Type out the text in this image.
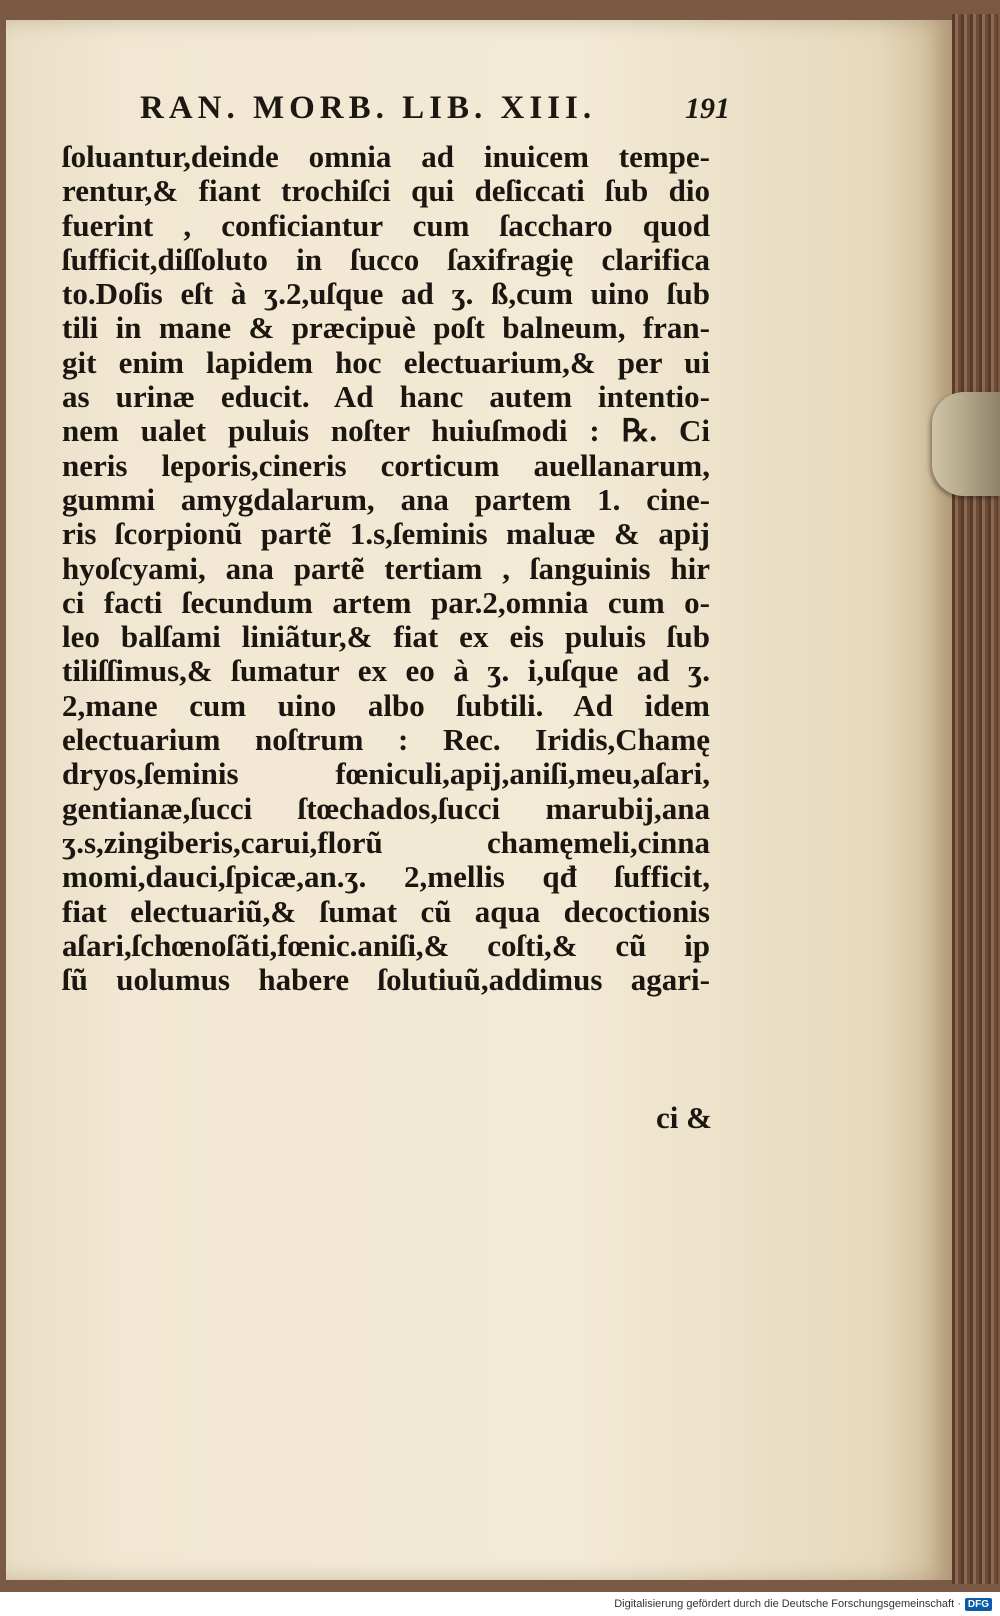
RAN. MORB. LIB. XIII.	191
ſoluantur,deinde omnia ad inuicem tempe-
rentur,& fiant trochiſci qui deſiccati ſub dio
fuerint , conficiantur cum ſaccharo quod
ſufficit,diſſoluto in ſucco ſaxifragię clarifica
to.Doſis eſt à ʒ.2,uſque ad ʒ. ß,cum uino ſub
tili in mane & præcipuè poſt balneum, fran-
git enim lapidem hoc electuarium,& per ui
as urinæ educit. Ad hanc autem intentio-
nem ualet puluis noſter huiuſmodi : ℞. Ci
neris leporis,cineris corticum auellanarum,
gummi amygdalarum, ana partem 1. cine-
ris ſcorpionũ partẽ 1.s,ſeminis maluæ & apij
hyoſcyami, ana partẽ tertiam , ſanguinis hir
ci facti ſecundum artem par.2,omnia cum o-
leo balſami liniãtur,& fiat ex eis puluis ſub
tiliſſimus,& ſumatur ex eo à ʒ. i,uſque ad ʒ.
2,mane cum uino albo ſubtili. Ad idem
electuarium noſtrum : Rec. Iridis,Chamę
dryos,ſeminis fœniculi,apij,aniſi,meu,aſari,
gentianæ,ſucci ſtœchados,ſucci marubij,ana
ʒ.s,zingiberis,carui,florũ chamęmeli,cinna
momi,dauci,ſpicæ,an.ʒ. 2,mellis qđ ſufficit,
fiat electuariũ,& ſumat cũ aqua decoctionis
aſari,ſchœnoſãti,fœnic.aniſi,& coſti,& cũ ip
ſũ uolumus habere ſolutiuũ,addimus agari-
ci &
Digitalisierung gefördert durch die Deutsche Forschungsgemeinschaft · DFG
